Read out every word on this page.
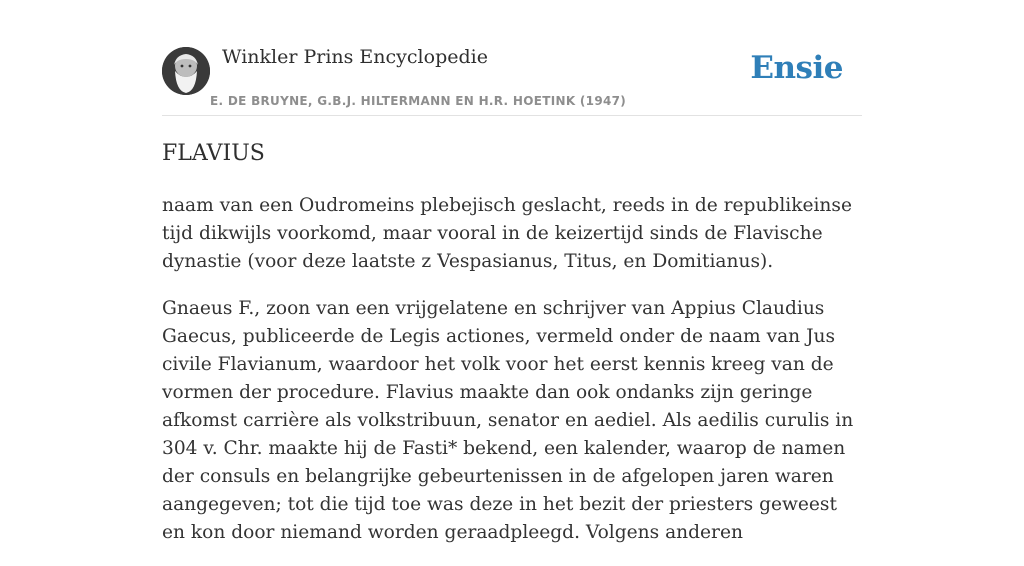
Winkler Prins Encyclopedie
E. DE BRUYNE, G.B.J. HILTERMANN EN H.R. HOETINK (1947)
Ensie
FLAVIUS

naam van een Oudromeins plebejisch geslacht, reeds in de republikeinse tijd dikwijls voorkomd, maar vooral in de keizertijd sinds de Flavische dynastie (voor deze laatste z Vespasianus, Titus, en Domitianus).

Gnaeus F., zoon van een vrijgelatene en schrijver van Appius Claudius Gaecus, publiceerde de Legis actiones, vermeld onder de naam van Jus civile Flavianum, waardoor het volk voor het eerst kennis kreeg van de vormen der procedure. Flavius maakte dan ook ondanks zijn geringe afkomst carrière als volkstribuun, senator en aediel. Als aedilis curulis in 304 v. Chr. maakte hij de Fasti* bekend, een kalender, waarop de namen der consuls en belangrijke gebeurtenissen in de afgelopen jaren waren aangegeven; tot die tijd toe was deze in het bezit der priesters geweest en kon door niemand worden geraadpleegd. Volgens anderen
